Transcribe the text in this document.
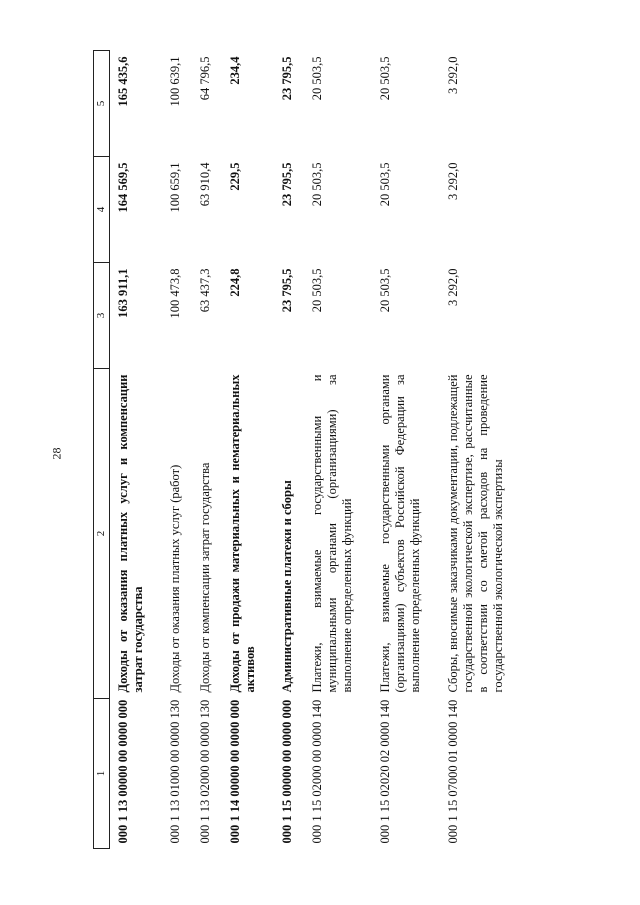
28
1	2	3	4	5
000 1 13 00000 00 0000 000	Доходы от оказания платных услуг и компенсации затрат государства	163 911,1	164 569,5	165 435,6
000 1 13 01000 00 0000 130	Доходы от оказания платных услуг (работ)	100 473,8	100 659,1	100 639,1
000 1 13 02000 00 0000 130	Доходы от компенсации затрат государства	63 437,3	63 910,4	64 796,5
000 1 14 00000 00 0000 000	Доходы от продажи материальных и нематериальных активов	224,8	229,5	234,4
000 1 15 00000 00 0000 000	Административные платежи и сборы	23 795,5	23 795,5	23 795,5
000 1 15 02000 00 0000 140	Платежи, взимаемые государственными и муниципальными органами (организациями) за выполнение определенных функций	20 503,5	20 503,5	20 503,5
000 1 15 02020 02 0000 140	Платежи, взимаемые государственными органами (организациями) субъектов Российской Федерации за выполнение определенных функций	20 503,5	20 503,5	20 503,5
000 1 15 07000 01 0000 140	Сборы, вносимые заказчиками документации, подлежащей государственной экологической экспертизе, рассчитанные в соответствии со сметой расходов на проведение государственной экологической экспертизы	3 292,0	3 292,0	3 292,0
